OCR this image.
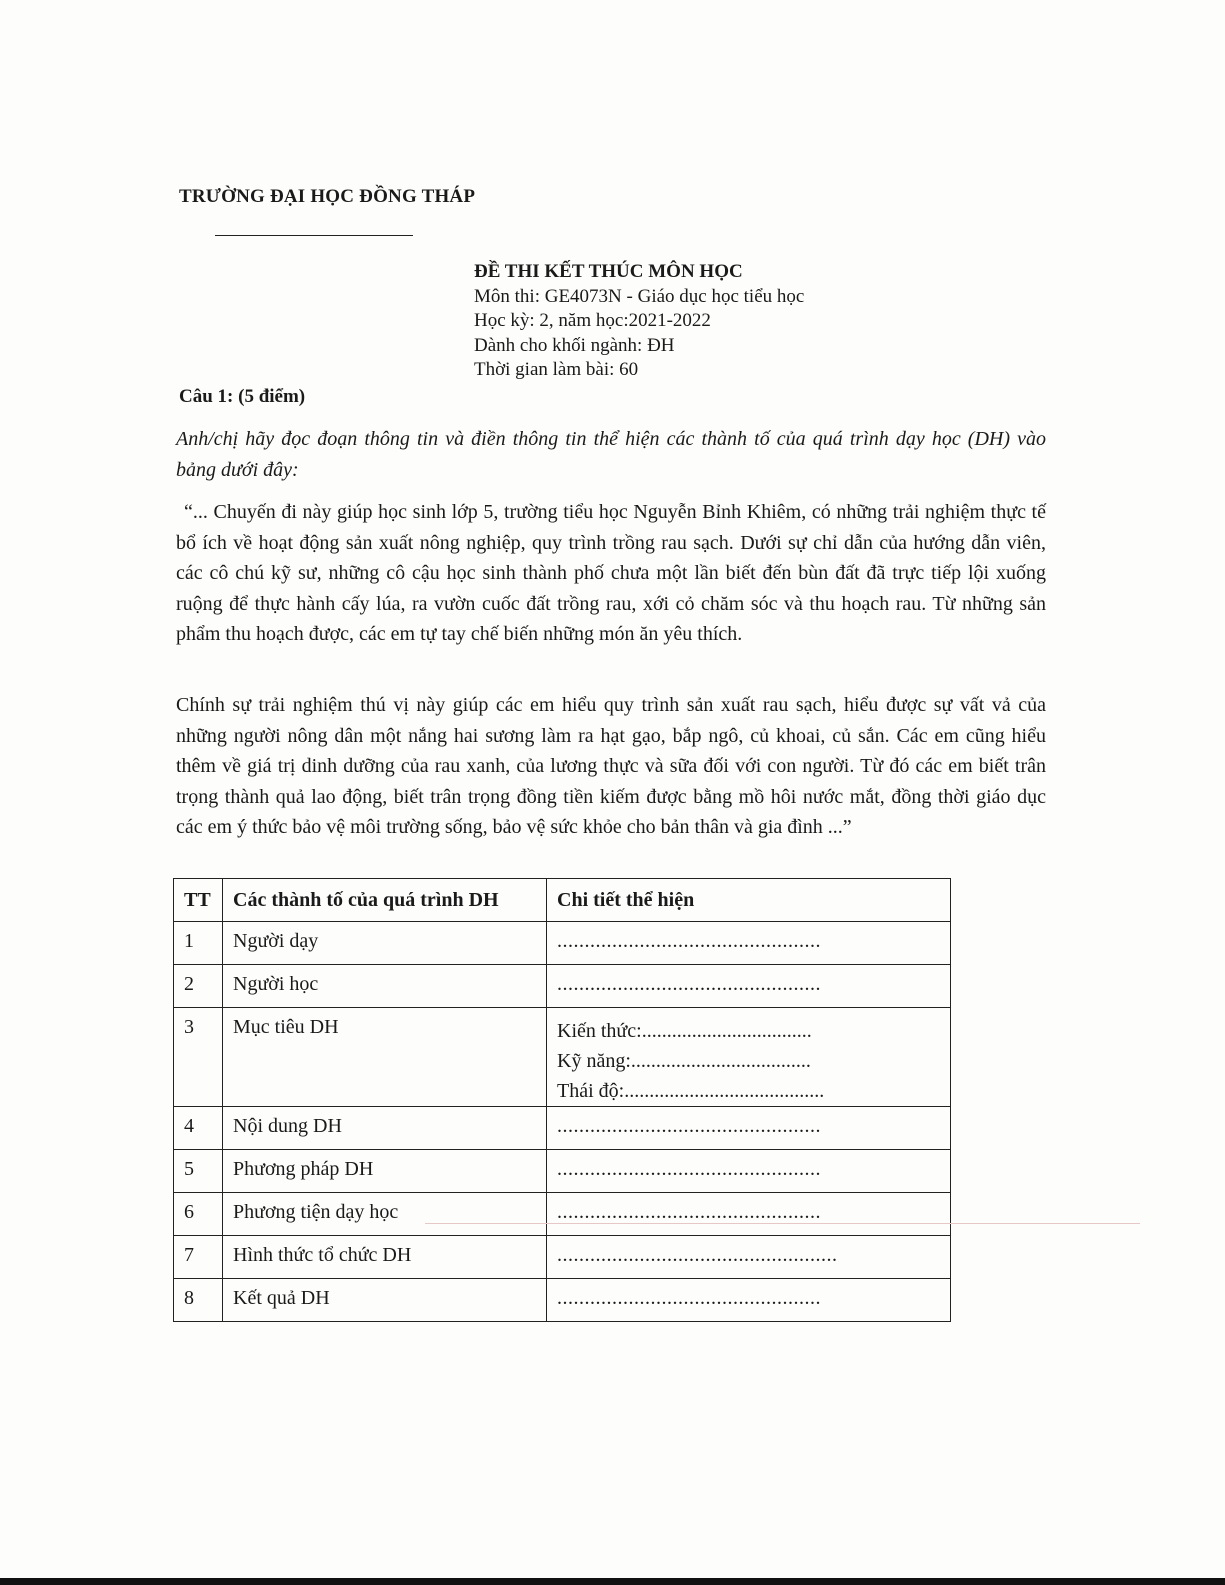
TRƯỜNG ĐẠI HỌC ĐỒNG THÁP
ĐỀ THI KẾT THÚC MÔN HỌC
Môn thi: GE4073N - Giáo dục học tiểu học
Học kỳ: 2, năm học:2021-2022
Dành cho khối ngành: ĐH
Thời gian làm bài: 60
Câu 1: (5 điểm)
Anh/chị hãy đọc đoạn thông tin và điền thông tin thể hiện các thành tố của quá trình dạy học (DH) vào bảng dưới đây:
“... Chuyến đi này giúp học sinh lớp 5, trường tiểu học Nguyễn Bỉnh Khiêm, có những trải nghiệm thực tế bổ ích về hoạt động sản xuất nông nghiệp, quy trình trồng rau sạch. Dưới sự chỉ dẫn của hướng dẫn viên, các cô chú kỹ sư, những cô cậu học sinh thành phố chưa một lần biết đến bùn đất đã trực tiếp lội xuống ruộng để thực hành cấy lúa, ra vườn cuốc đất trồng rau, xới cỏ chăm sóc và thu hoạch rau. Từ những sản phẩm thu hoạch được, các em tự tay chế biến những món ăn yêu thích.
Chính sự trải nghiệm thú vị này giúp các em hiểu quy trình sản xuất rau sạch, hiểu được sự vất vả của những người nông dân một nắng hai sương làm ra hạt gạo, bắp ngô, củ khoai, củ sắn. Các em cũng hiểu thêm về giá trị dinh dưỡng của rau xanh, của lương thực và sữa đối với con người. Từ đó các em biết trân trọng thành quả lao động, biết trân trọng đồng tiền kiếm được bằng mồ hôi nước mắt, đồng thời giáo dục các em ý thức bảo vệ môi trường sống, bảo vệ sức khỏe cho bản thân và gia đình ...”
TT	Các thành tố của quá trình DH	Chi tiết thể hiện
1	Người dạy	................................................
2	Người học	................................................
3	Mục tiêu DH	Kiến thức:..................................
Kỹ năng:....................................
Thái độ:........................................

4	Nội dung DH	................................................
5	Phương pháp DH	................................................
6	Phương tiện dạy học	................................................
7	Hình thức tổ chức DH	...................................................
8	Kết quả DH	................................................
